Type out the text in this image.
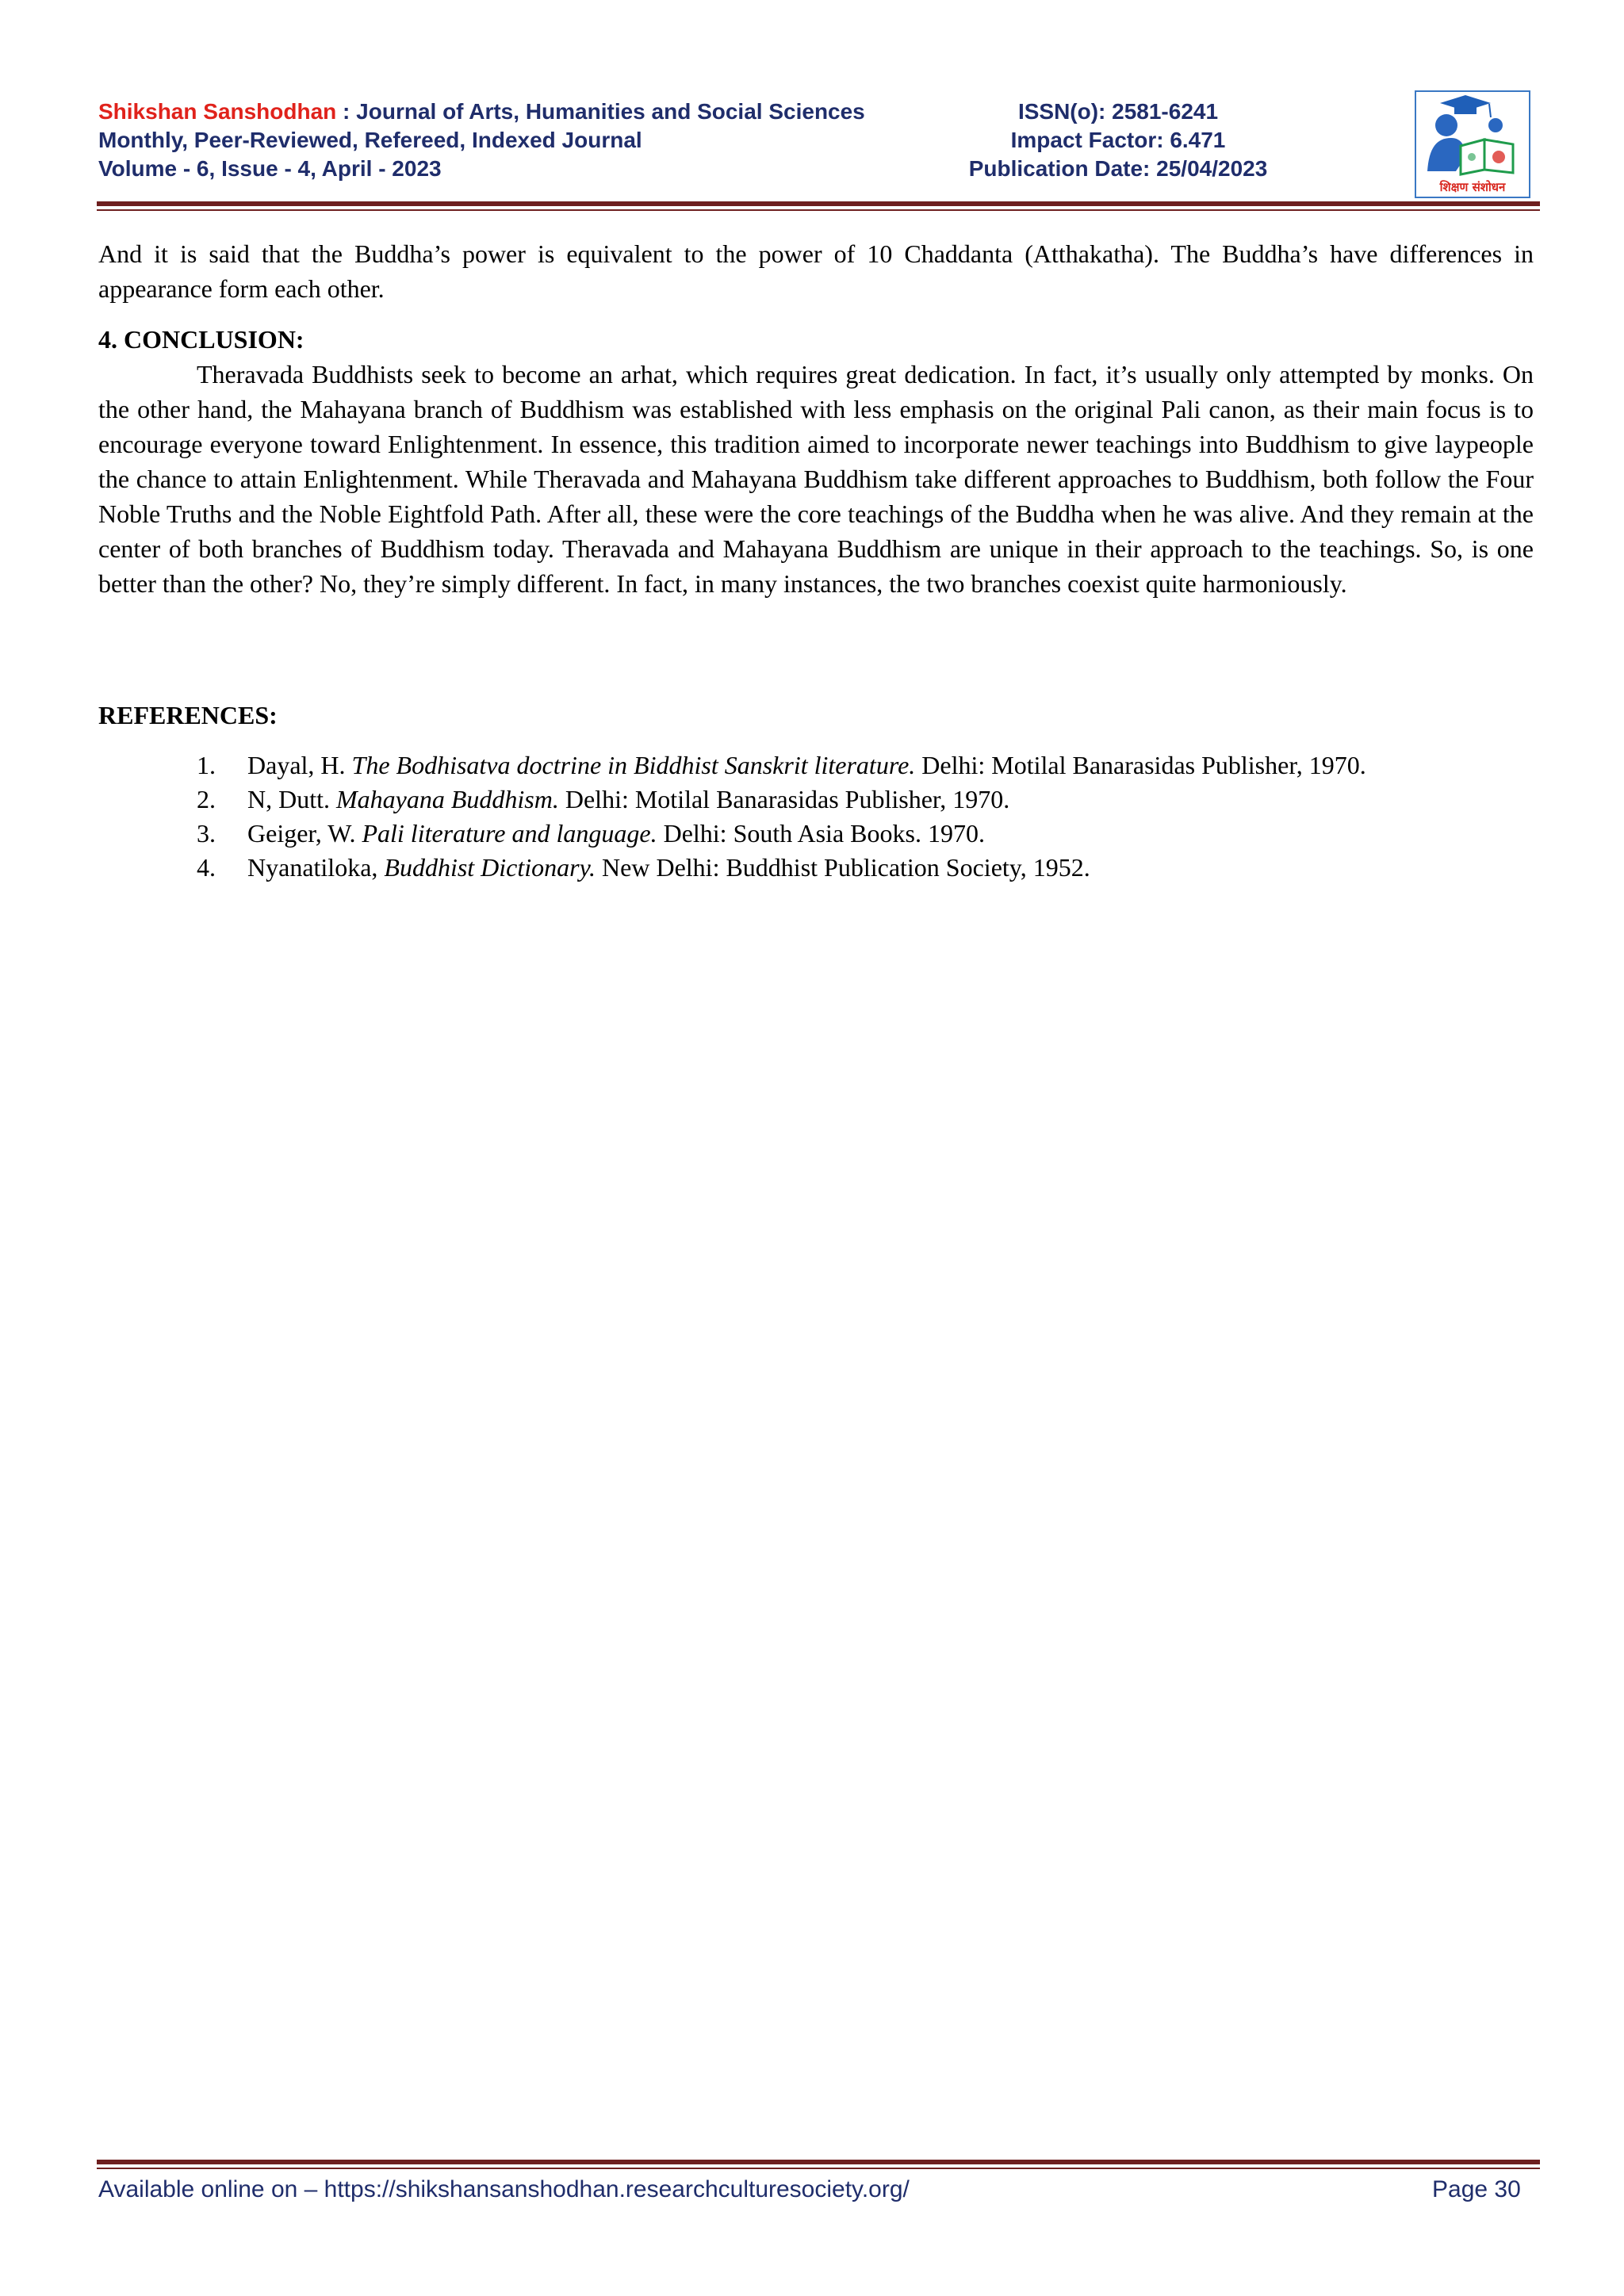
Shikshan Sanshodhan : Journal of Arts, Humanities and Social Sciences
Monthly, Peer-Reviewed, Refereed, Indexed Journal
Volume - 6, Issue - 4, April - 2023
ISSN(o): 2581-6241
Impact Factor: 6.471
Publication Date: 25/04/2023
शिक्षण संशोधन
And it is said that the Buddha’s power is equivalent to the power of 10 Chaddanta (Atthakatha). The Buddha’s have differences in appearance form each other.

4. CONCLUSION:

Theravada Buddhists seek to become an arhat, which requires great dedication. In fact, it’s usually only attempted by monks. On the other hand, the Mahayana branch of Buddhism was established with less emphasis on the original Pali canon, as their main focus is to encourage everyone toward Enlightenment. In essence, this tradition aimed to incorporate newer teachings into Buddhism to give laypeople the chance to attain Enlightenment. While Theravada and Mahayana Buddhism take different approaches to Buddhism, both follow the Four Noble Truths and the Noble Eightfold Path. After all, these were the core teachings of the Buddha when he was alive. And they remain at the center of both branches of Buddhism today. Theravada and Mahayana Buddhism are unique in their approach to the teachings. So, is one better than the other? No, they’re simply different. In fact, in many instances, the two branches coexist quite harmoniously.

REFERENCES:

1. Dayal, H. The Bodhisatva doctrine in Biddhist Sanskrit literature. Delhi: Motilal Banarasidas Publisher, 1970.
2. N, Dutt. Mahayana Buddhism. Delhi: Motilal Banarasidas Publisher, 1970.
3. Geiger, W. Pali literature and language. Delhi: South Asia Books. 1970.
4. Nyanatiloka, Buddhist Dictionary. New Delhi: Buddhist Publication Society, 1952.
Available online on – https://shikshansanshodhan.researchculturesociety.org/	Page 30
